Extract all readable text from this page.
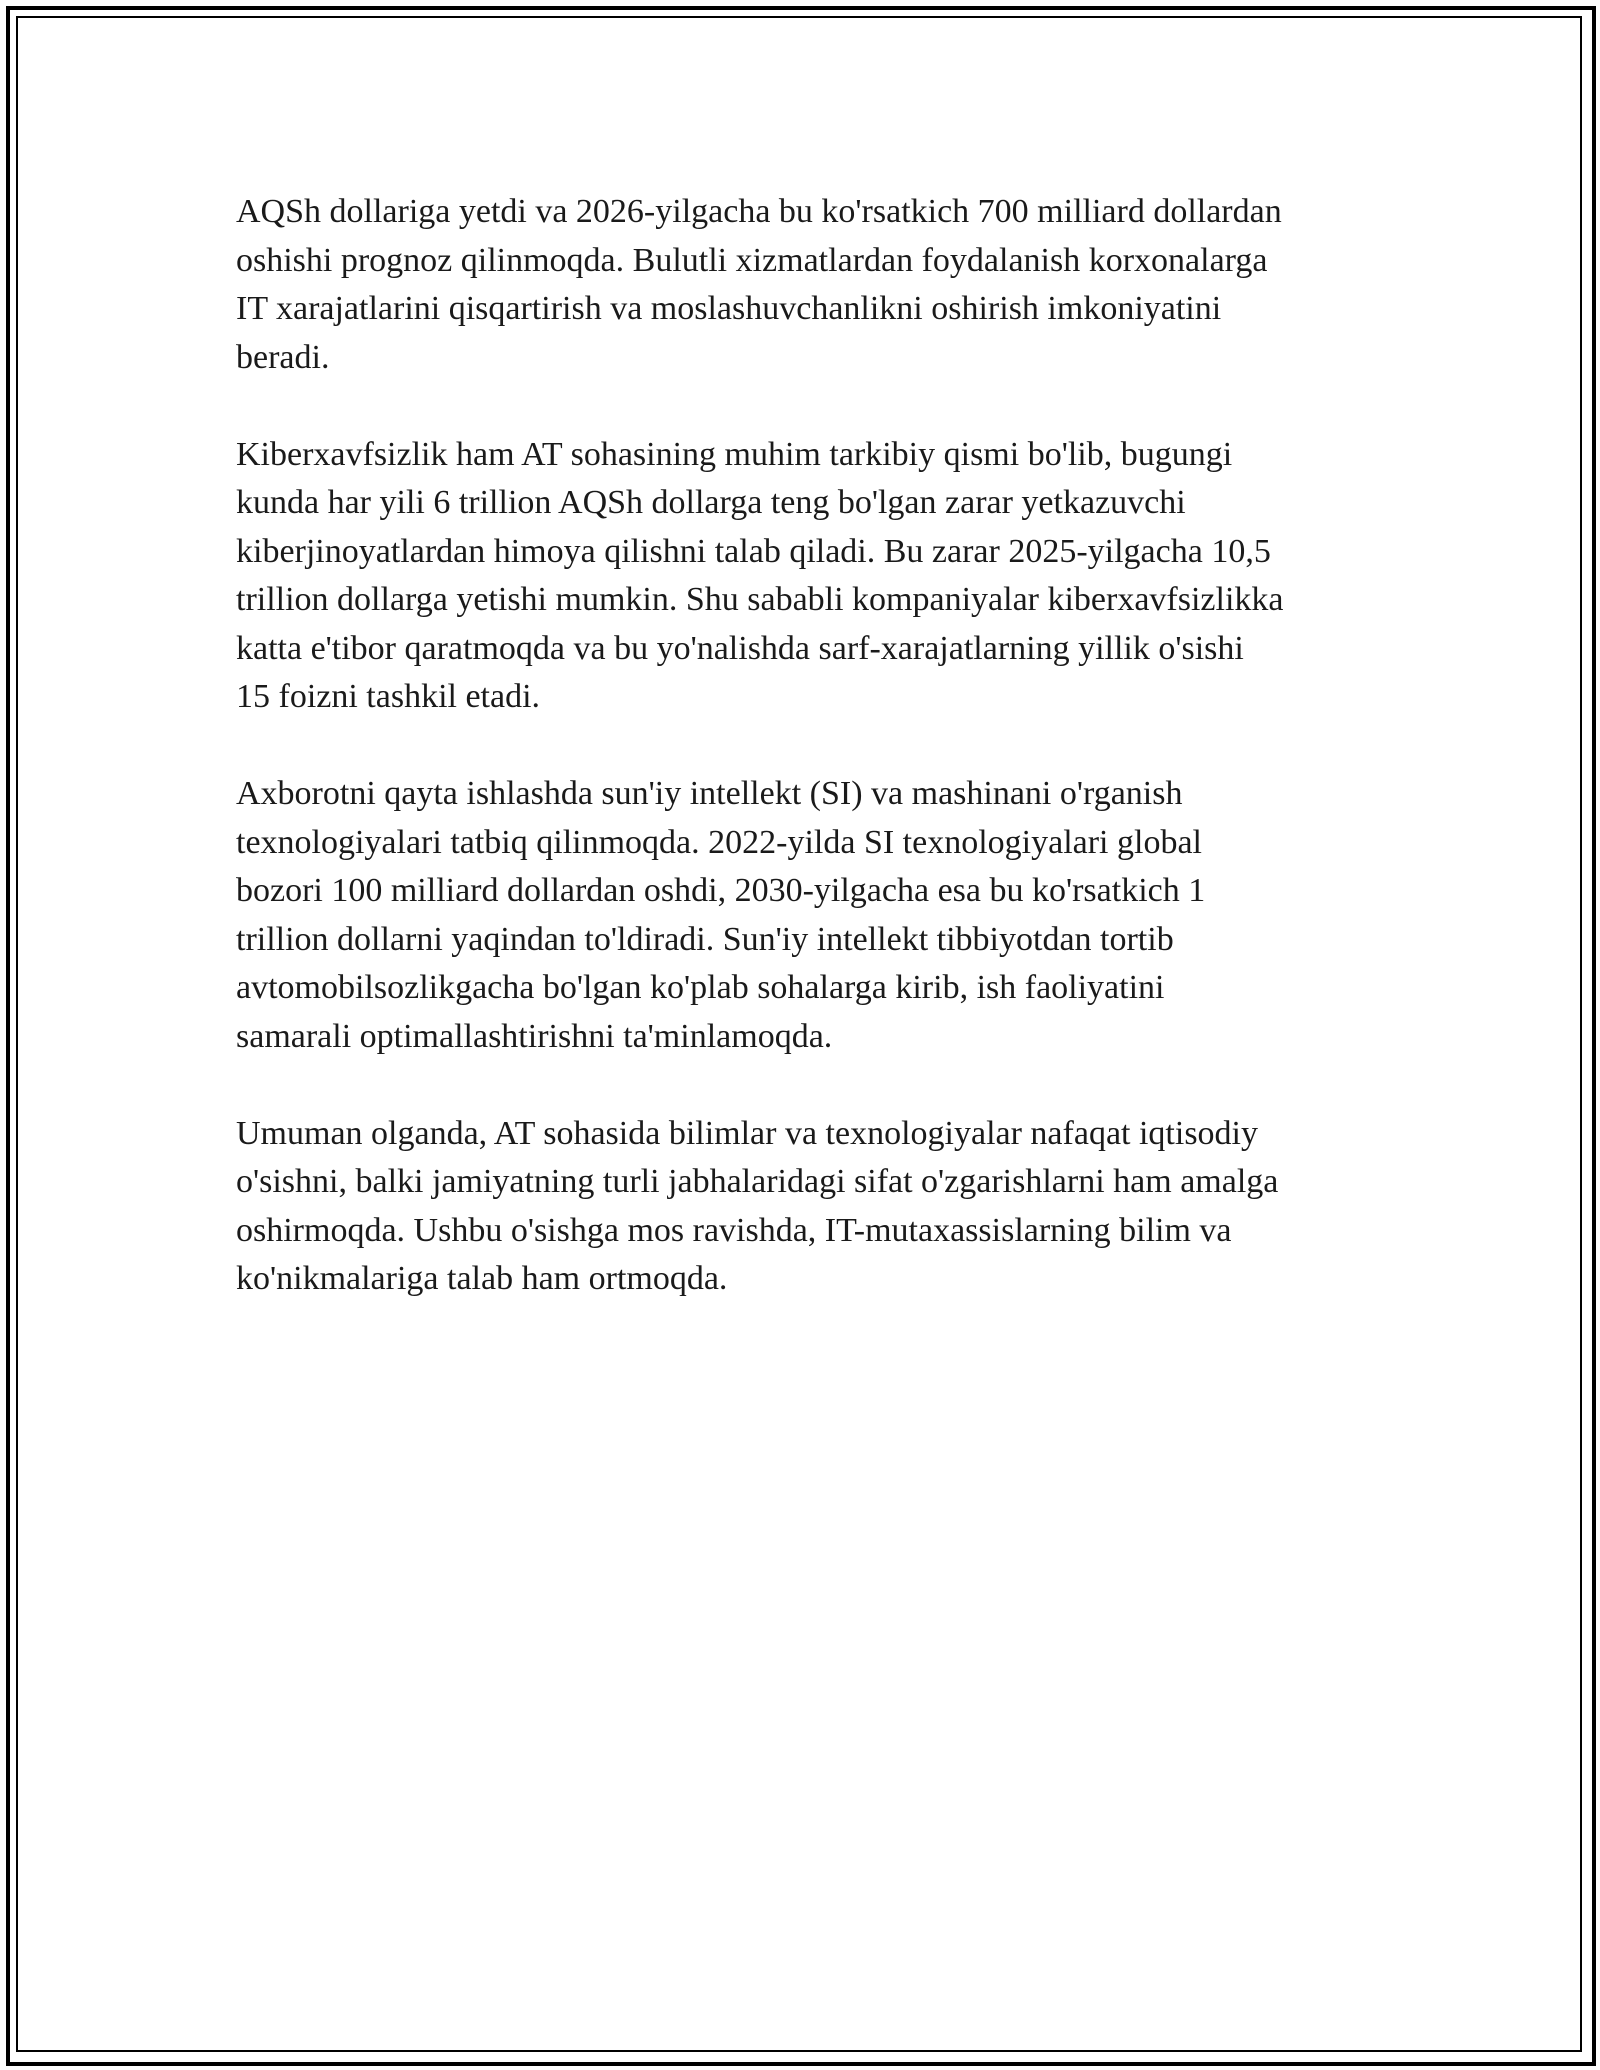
AQSh dollariga yetdi va 2026-yilgacha bu ko'rsatkich 700 milliard dollardan
oshishi prognoz qilinmoqda. Bulutli xizmatlardan foydalanish korxonalarga
IT xarajatlarini qisqartirish va moslashuvchanlikni oshirish imkoniyatini
beradi.

Kiberxavfsizlik ham AT sohasining muhim tarkibiy qismi bo'lib, bugungi
kunda har yili 6 trillion AQSh dollarga teng bo'lgan zarar yetkazuvchi
kiberjinoyatlardan himoya qilishni talab qiladi. Bu zarar 2025-yilgacha 10,5
trillion dollarga yetishi mumkin. Shu sababli kompaniyalar kiberxavfsizlikka
katta e'tibor qaratmoqda va bu yo'nalishda sarf-xarajatlarning yillik o'sishi
15 foizni tashkil etadi.

Axborotni qayta ishlashda sun'iy intellekt (SI) va mashinani o'rganish
texnologiyalari tatbiq qilinmoqda. 2022-yilda SI texnologiyalari global
bozori 100 milliard dollardan oshdi, 2030-yilgacha esa bu ko'rsatkich 1
trillion dollarni yaqindan to'ldiradi. Sun'iy intellekt tibbiyotdan tortib
avtomobilsozlikgacha bo'lgan ko'plab sohalarga kirib, ish faoliyatini
samarali optimallashtirishni ta'minlamoqda.

Umuman olganda, AT sohasida bilimlar va texnologiyalar nafaqat iqtisodiy
o'sishni, balki jamiyatning turli jabhalaridagi sifat o'zgarishlarni ham amalga
oshirmoqda. Ushbu o'sishga mos ravishda, IT-mutaxassislarning bilim va
ko'nikmalariga talab ham ortmoqda.
